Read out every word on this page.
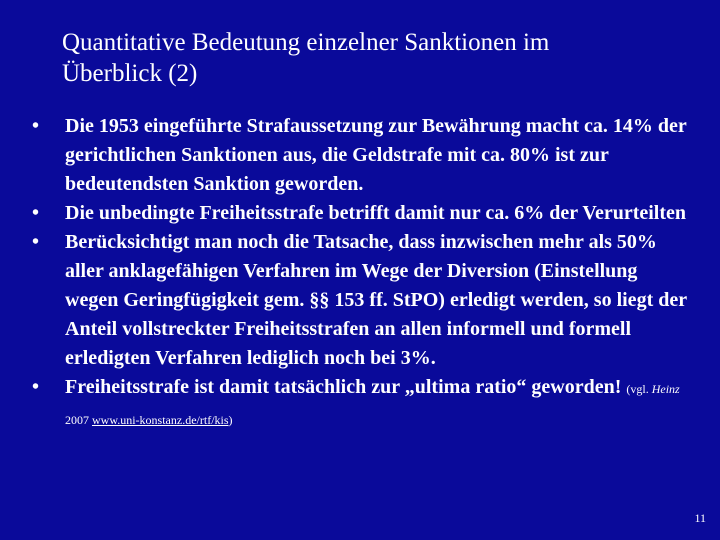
Quantitative Bedeutung einzelner Sanktionen im
Überblick (2)
•	Die 1953 eingeführte Strafaussetzung zur Bewährung macht ca. 14% der gerichtlichen Sanktionen aus, die Geldstrafe mit ca. 80% ist zur bedeutendsten Sanktion geworden.
•	Die unbedingte Freiheitsstrafe betrifft damit nur ca. 6% der Verurteilten
•	Berücksichtigt man noch die Tatsache, dass inzwischen mehr als 50% aller anklagefähigen Verfahren im Wege der Diversion (Einstellung wegen Geringfügigkeit gem. §§ 153 ff. StPO) erledigt werden, so liegt der Anteil vollstreckter Freiheitsstrafen an allen informell und formell erledigten Verfahren lediglich noch bei 3%.
•	Freiheitsstrafe ist damit tatsächlich zur „ultima ratio“ geworden! (vgl. Heinz 2007 www.uni-konstanz.de/rtf/kis)
11
